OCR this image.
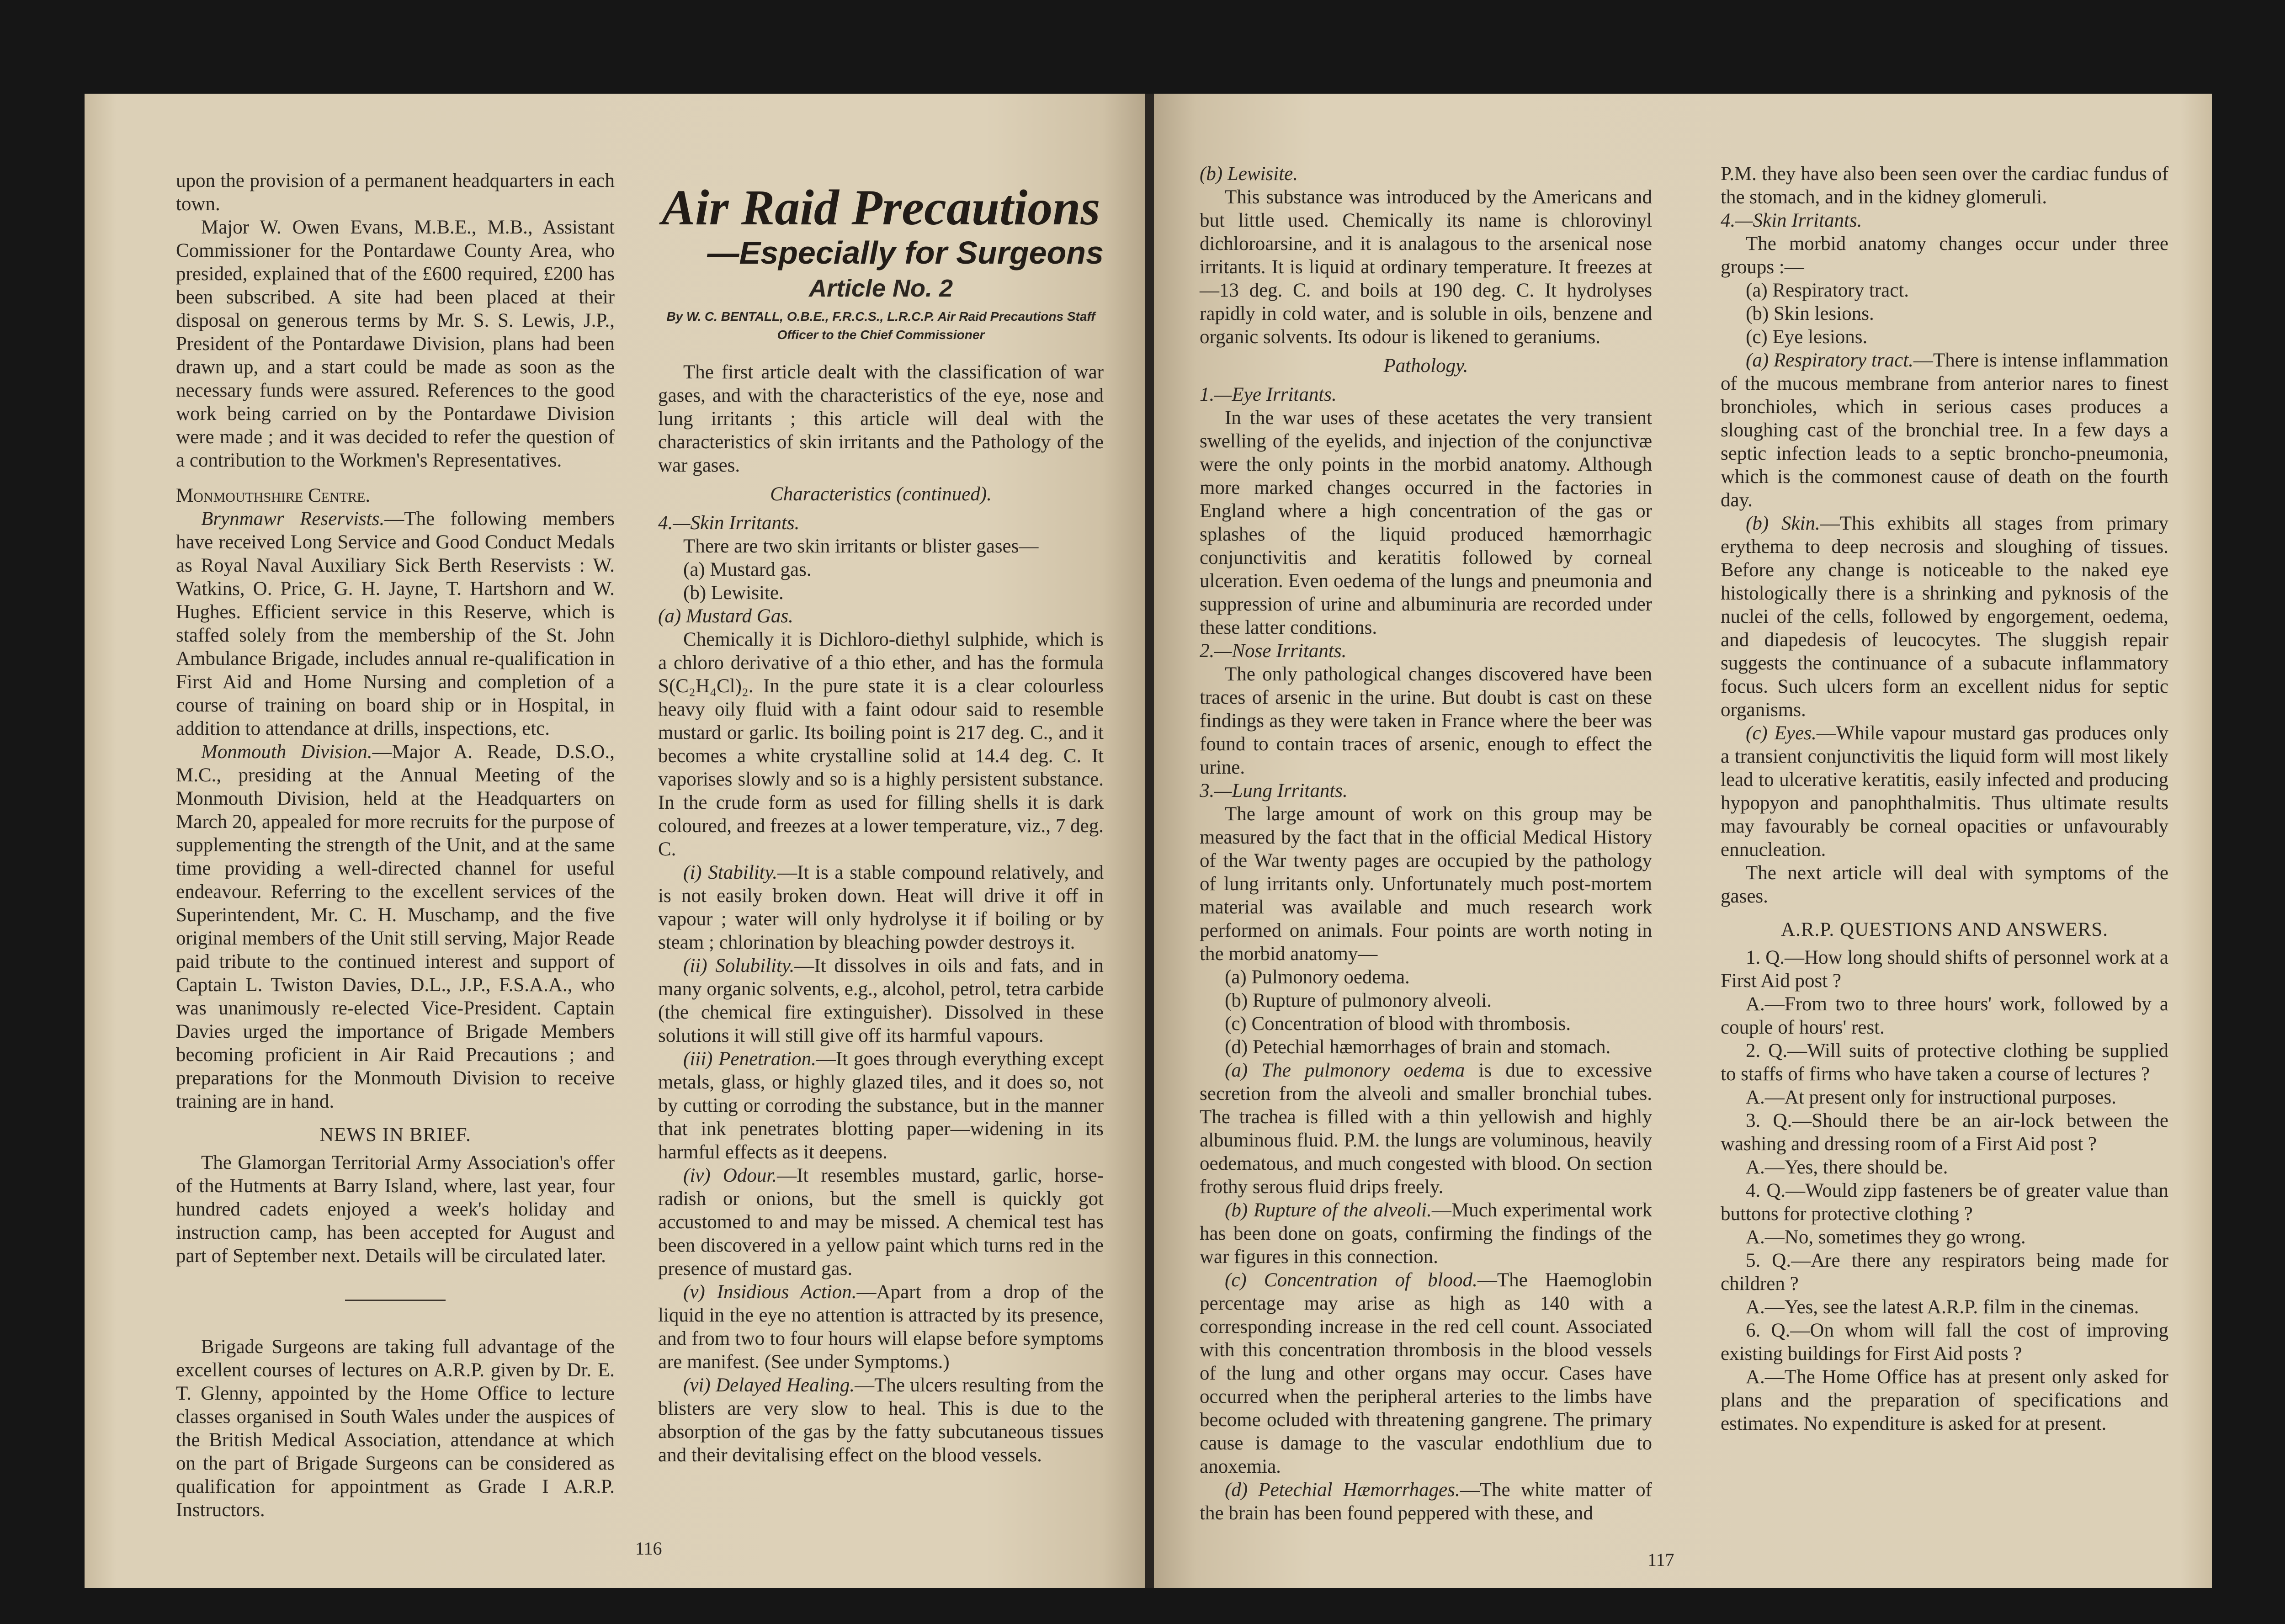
upon the provision of a permanent headquarters in each town.

Major W. Owen Evans, M.B.E., M.B., Assistant Commissioner for the Pontardawe County Area, who presided, explained that of the £600 required, £200 has been subscribed. A site had been placed at their disposal on generous terms by Mr. S. S. Lewis, J.P., President of the Pontardawe Division, plans had been drawn up, and a start could be made as soon as the necessary funds were assured. References to the good work being carried on by the Pontardawe Division were made ; and it was decided to refer the question of a contribution to the Workmen's Representatives.

Monmouthshire Centre.

Brynmawr Reservists.—The following members have received Long Service and Good Conduct Medals as Royal Naval Auxiliary Sick Berth Reservists : W. Watkins, O. Price, G. H. Jayne, T. Hartshorn and W. Hughes. Efficient service in this Reserve, which is staffed solely from the membership of the St. John Ambulance Brigade, includes annual re-qualification in First Aid and Home Nursing and completion of a course of training on board ship or in Hospital, in addition to attendance at drills, inspections, etc.

Monmouth Division.—Major A. Reade, D.S.O., M.C., presiding at the Annual Meeting of the Monmouth Division, held at the Headquarters on March 20, appealed for more recruits for the purpose of supplementing the strength of the Unit, and at the same time providing a well-directed channel for useful endeavour. Referring to the excellent services of the Superintendent, Mr. C. H. Muschamp, and the five original members of the Unit still serving, Major Reade paid tribute to the continued interest and support of Captain L. Twiston Davies, D.L., J.P., F.S.A.A., who was unanimously re-elected Vice-President. Captain Davies urged the importance of Brigade Members becoming proficient in Air Raid Precautions ; and preparations for the Monmouth Division to receive training are in hand.

NEWS IN BRIEF.

The Glamorgan Territorial Army Association's offer of the Hutments at Barry Island, where, last year, four hundred cadets enjoyed a week's holiday and instruction camp, has been accepted for August and part of September next. Details will be circulated later.

Brigade Surgeons are taking full advantage of the excellent courses of lectures on A.R.P. given by Dr. E. T. Glenny, appointed by the Home Office to lecture classes organised in South Wales under the auspices of the British Medical Association, attendance at which on the part of Brigade Surgeons can be considered as qualification for appointment as Grade I A.R.P. Instructors.

Air Raid Precautions
—Especially for Surgeons
Article No. 2
By W. C. BENTALL, O.B.E., F.R.C.S., L.R.C.P. Air Raid Precautions Staff Officer to the Chief Commissioner

The first article dealt with the classification of war gases, and with the characteristics of the eye, nose and lung irritants ; this article will deal with the characteristics of skin irritants and the Pathology of the war gases.

Characteristics (continued).

4.—Skin Irritants.

There are two skin irritants or blister gases—

(a) Mustard gas.

(b) Lewisite.

(a) Mustard Gas.

Chemically it is Dichloro-diethyl sulphide, which is a chloro derivative of a thio ether, and has the formula S(C₂H₄Cl)₂. In the pure state it is a clear colourless heavy oily fluid with a faint odour said to resemble mustard or garlic. Its boiling point is 217 deg. C., and it becomes a white crystalline solid at 14.4 deg. C. It vaporises slowly and so is a highly persistent substance. In the crude form as used for filling shells it is dark coloured, and freezes at a lower temperature, viz., 7 deg. C.

(i) Stability.—It is a stable compound relatively, and is not easily broken down. Heat will drive it off in vapour ; water will only hydrolyse it if boiling or by steam ; chlorination by bleaching powder destroys it.

(ii) Solubility.—It dissolves in oils and fats, and in many organic solvents, e.g., alcohol, petrol, tetra carbide (the chemical fire extinguisher). Dissolved in these solutions it will still give off its harmful vapours.

(iii) Penetration.—It goes through everything except metals, glass, or highly glazed tiles, and it does so, not by cutting or corroding the substance, but in the manner that ink penetrates blotting paper—widening in its harmful effects as it deepens.

(iv) Odour.—It resembles mustard, garlic, horse-radish or onions, but the smell is quickly got accustomed to and may be missed. A chemical test has been discovered in a yellow paint which turns red in the presence of mustard gas.

(v) Insidious Action.—Apart from a drop of the liquid in the eye no attention is attracted by its presence, and from two to four hours will elapse before symptoms are manifest. (See under Symptoms.)

(vi) Delayed Healing.—The ulcers resulting from the blisters are very slow to heal. This is due to the absorption of the gas by the fatty subcutaneous tissues and their devitalising effect on the blood vessels.

116

(b) Lewisite.

This substance was introduced by the Americans and but little used. Chemically its name is chlorovinyl dichloroarsine, and it is analagous to the arsenical nose irritants. It is liquid at ordinary temperature. It freezes at —13 deg. C. and boils at 190 deg. C. It hydrolyses rapidly in cold water, and is soluble in oils, benzene and organic solvents. Its odour is likened to geraniums.

Pathology.

1.—Eye Irritants.

In the war uses of these acetates the very transient swelling of the eyelids, and injection of the conjunctivæ were the only points in the morbid anatomy. Although more marked changes occurred in the factories in England where a high concentration of the gas or splashes of the liquid produced hæmorrhagic conjunctivitis and keratitis followed by corneal ulceration. Even oedema of the lungs and pneumonia and suppression of urine and albuminuria are recorded under these latter conditions.

2.—Nose Irritants.

The only pathological changes discovered have been traces of arsenic in the urine. But doubt is cast on these findings as they were taken in France where the beer was found to contain traces of arsenic, enough to effect the urine.

3.—Lung Irritants.

The large amount of work on this group may be measured by the fact that in the official Medical History of the War twenty pages are occupied by the pathology of lung irritants only. Unfortunately much post-mortem material was available and much research work performed on animals. Four points are worth noting in the morbid anatomy—

(a) Pulmonory oedema.

(b) Rupture of pulmonory alveoli.

(c) Concentration of blood with thrombosis.

(d) Petechial hæmorrhages of brain and stomach.

(a) The pulmonory oedema is due to excessive secretion from the alveoli and smaller bronchial tubes. The trachea is filled with a thin yellowish and highly albuminous fluid. P.M. the lungs are voluminous, heavily oedematous, and much congested with blood. On section frothy serous fluid drips freely.

(b) Rupture of the alveoli.—Much experimental work has been done on goats, confirming the findings of the war figures in this connection.

(c) Concentration of blood.—The Haemoglobin percentage may arise as high as 140 with a corresponding increase in the red cell count. Associated with this concentration thrombosis in the blood vessels of the lung and other organs may occur. Cases have occurred when the peripheral arteries to the limbs have become ocluded with threatening gangrene. The primary cause is damage to the vascular endothlium due to anoxemia.

(d) Petechial Hæmorrhages.—The white matter of the brain has been found peppered with these, and

P.M. they have also been seen over the cardiac fundus of the stomach, and in the kidney glomeruli.

4.—Skin Irritants.

The morbid anatomy changes occur under three groups :—

(a) Respiratory tract.

(b) Skin lesions.

(c) Eye lesions.

(a) Respiratory tract.—There is intense inflammation of the mucous membrane from anterior nares to finest bronchioles, which in serious cases produces a sloughing cast of the bronchial tree. In a few days a septic infection leads to a septic broncho-pneumonia, which is the commonest cause of death on the fourth day.

(b) Skin.—This exhibits all stages from primary erythema to deep necrosis and sloughing of tissues. Before any change is noticeable to the naked eye histologically there is a shrinking and pyknosis of the nuclei of the cells, followed by engorgement, oedema, and diapedesis of leucocytes. The sluggish repair suggests the continuance of a subacute inflammatory focus. Such ulcers form an excellent nidus for septic organisms.

(c) Eyes.—While vapour mustard gas produces only a transient conjunctivitis the liquid form will most likely lead to ulcerative keratitis, easily infected and producing hypopyon and panophthalmitis. Thus ultimate results may favourably be corneal opacities or unfavourably ennucleation.

The next article will deal with symptoms of the gases.

A.R.P. QUESTIONS AND ANSWERS.

1. Q.—How long should shifts of personnel work at a First Aid post ?

A.—From two to three hours' work, followed by a couple of hours' rest.

2. Q.—Will suits of protective clothing be supplied to staffs of firms who have taken a course of lectures ?

A.—At present only for instructional purposes.

3. Q.—Should there be an air-lock between the washing and dressing room of a First Aid post ?

A.—Yes, there should be.

4. Q.—Would zipp fasteners be of greater value than buttons for protective clothing ?

A.—No, sometimes they go wrong.

5. Q.—Are there any respirators being made for children ?

A.—Yes, see the latest A.R.P. film in the cinemas.

6. Q.—On whom will fall the cost of improving existing buildings for First Aid posts ?

A.—The Home Office has at present only asked for plans and the preparation of specifications and estimates. No expenditure is asked for at present.

117
